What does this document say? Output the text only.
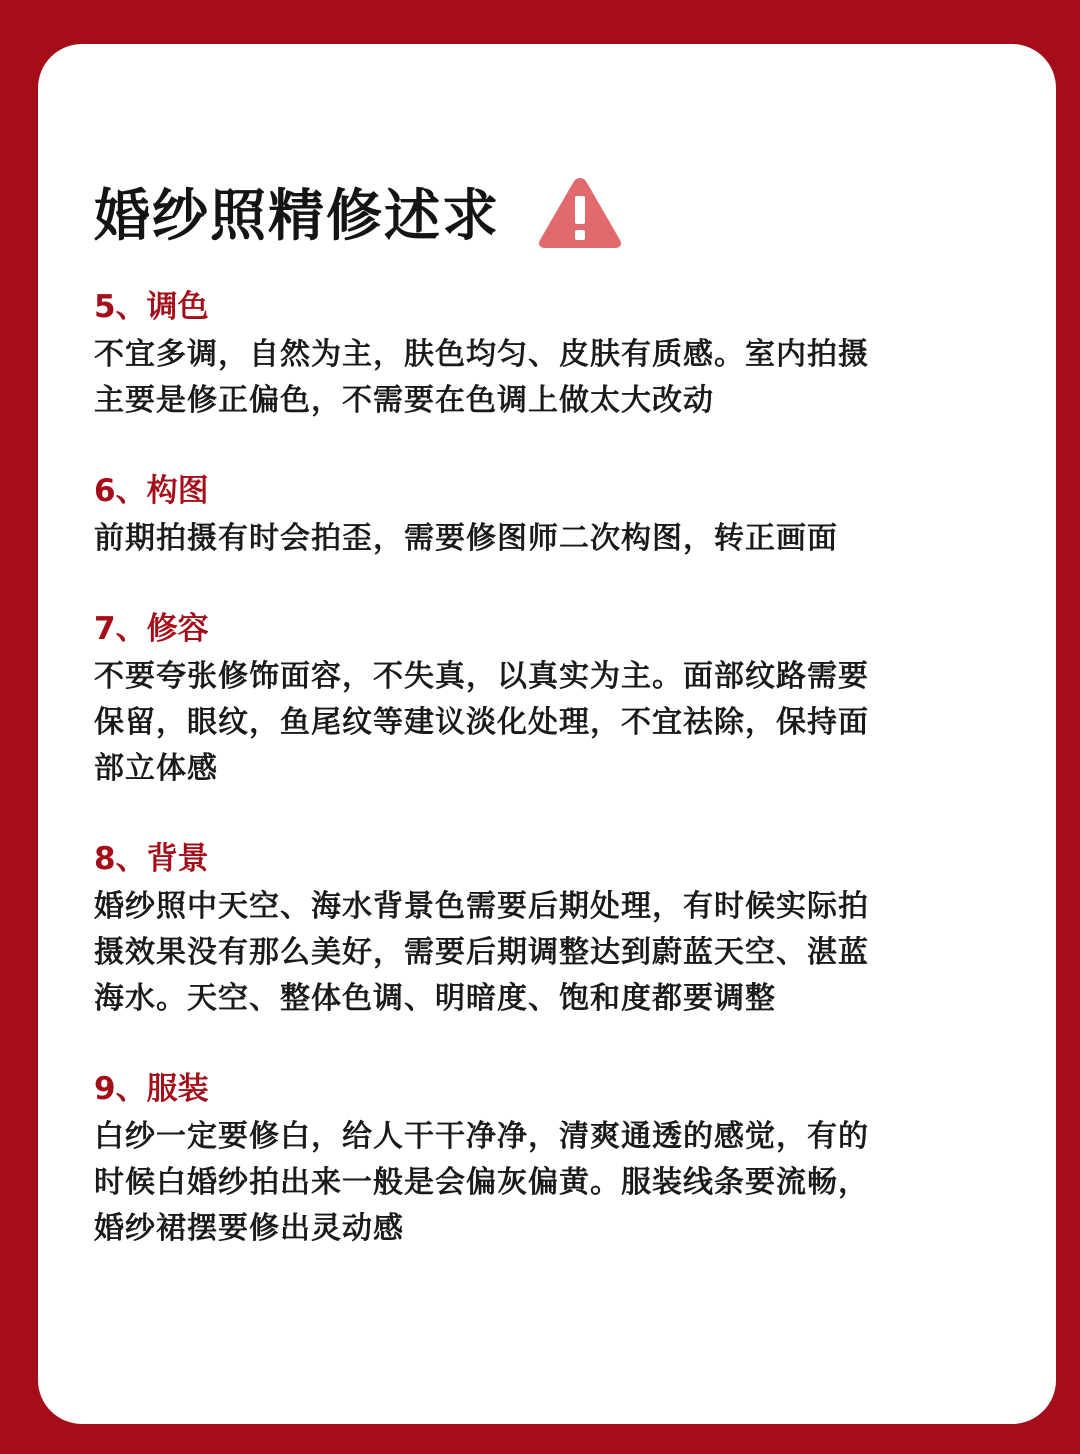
婚纱照精修述求
5、调色
不宜多调，自然为主，肤色均匀、皮肤有质感。室内拍摄
主要是修正偏色，不需要在色调上做太大改动
6、构图
前期拍摄有时会拍歪，需要修图师二次构图，转正画面
7、修容
不要夸张修饰面容，不失真，以真实为主。面部纹路需要
保留，眼纹，鱼尾纹等建议淡化处理，不宜祛除，保持面
部立体感
8、背景
婚纱照中天空、海水背景色需要后期处理，有时候实际拍
摄效果没有那么美好，需要后期调整达到蔚蓝天空、湛蓝
海水。天空、整体色调、明暗度、饱和度都要调整
9、服装
白纱一定要修白，给人干干净净，清爽通透的感觉，有的
时候白婚纱拍出来一般是会偏灰偏黄。服装线条要流畅，
婚纱裙摆要修出灵动感
